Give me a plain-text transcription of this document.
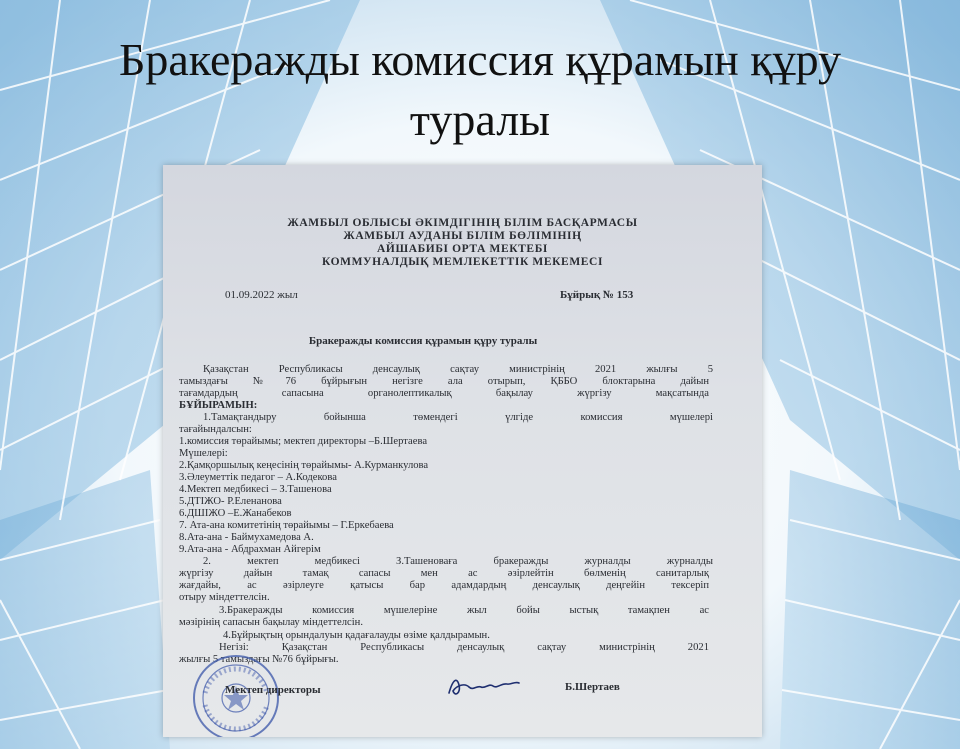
Бракеражды комиссия құрамын құру
туралы
ЖАМБЫЛ ОБЛЫСЫ ӘКІМДІГІНІҢ БІЛІМ БАСҚАРМАСЫ
ЖАМБЫЛ АУДАНЫ БІЛІМ БӨЛІМІНІҢ
АЙШАБИБІ ОРТА МЕКТЕБІ
КОММУНАЛДЫҚ МЕМЛЕКЕТТІК МЕКЕМЕСІ
01.09.2022 жыл	Бұйрық № 153
Бракеражды комиссия құрамын құру туралы
Қазақстан Республикасы денсаулық сақтау министрінің 2021 жылғы 5
тамыздағы №76 бұйрығын негізге ала отырып, ҚББО блоктарына дайын
тағамдардың сапасына органолептикалық бақылау жүргізу мақсатында
БҰЙЫРАМЫН:
1.Тамақтандыру бойынша төмендегі үлгіде комиссия мүшелері
тағайындалсын:
1.комиссия төрайымы; мектеп директоры –Б.Шертаева
Мүшелері:
2.Қамқоршылық кеңесінің төрайымы- А.Курманкулова
3.Әлеуметтік педагог – А.Кодекова
4.Мектеп медбикесі – З.Ташенова
5.ДТІЖО- Р.Еленанова
6.ДШІЖО –Е.Жанабеков
7. Ата-ана комитетінің төрайымы – Г.Еркебаева
8.Ата-ана - Баймухамедова А.
9.Ата-ана - Абдрахман Айгерім
2. мектеп медбикесі З.Ташеноваға бракеражды журналды журналды
жүргізу дайын тамақ сапасы мен ас әзірлейтін бөлменің санитарлық
жағдайы, ас әзірлеуге қатысы бар адамдардың денсаулық деңгейін тексеріп
отыру міндеттелсін.
3.Бракеражды комиссия мүшелеріне жыл бойы ыстық тамақпен ас
мәзірінің сапасын бақылау міндеттелсін.
4.Бұйрықтың орындалуын қадағалауды өзіме қалдырамын.
Негізі: Қазақстан Республикасы денсаулық сақтау министрінің 2021
жылғы 5 тамыздағы №76 бұйрығы.
Мектеп директоры	Б.Шертаев
